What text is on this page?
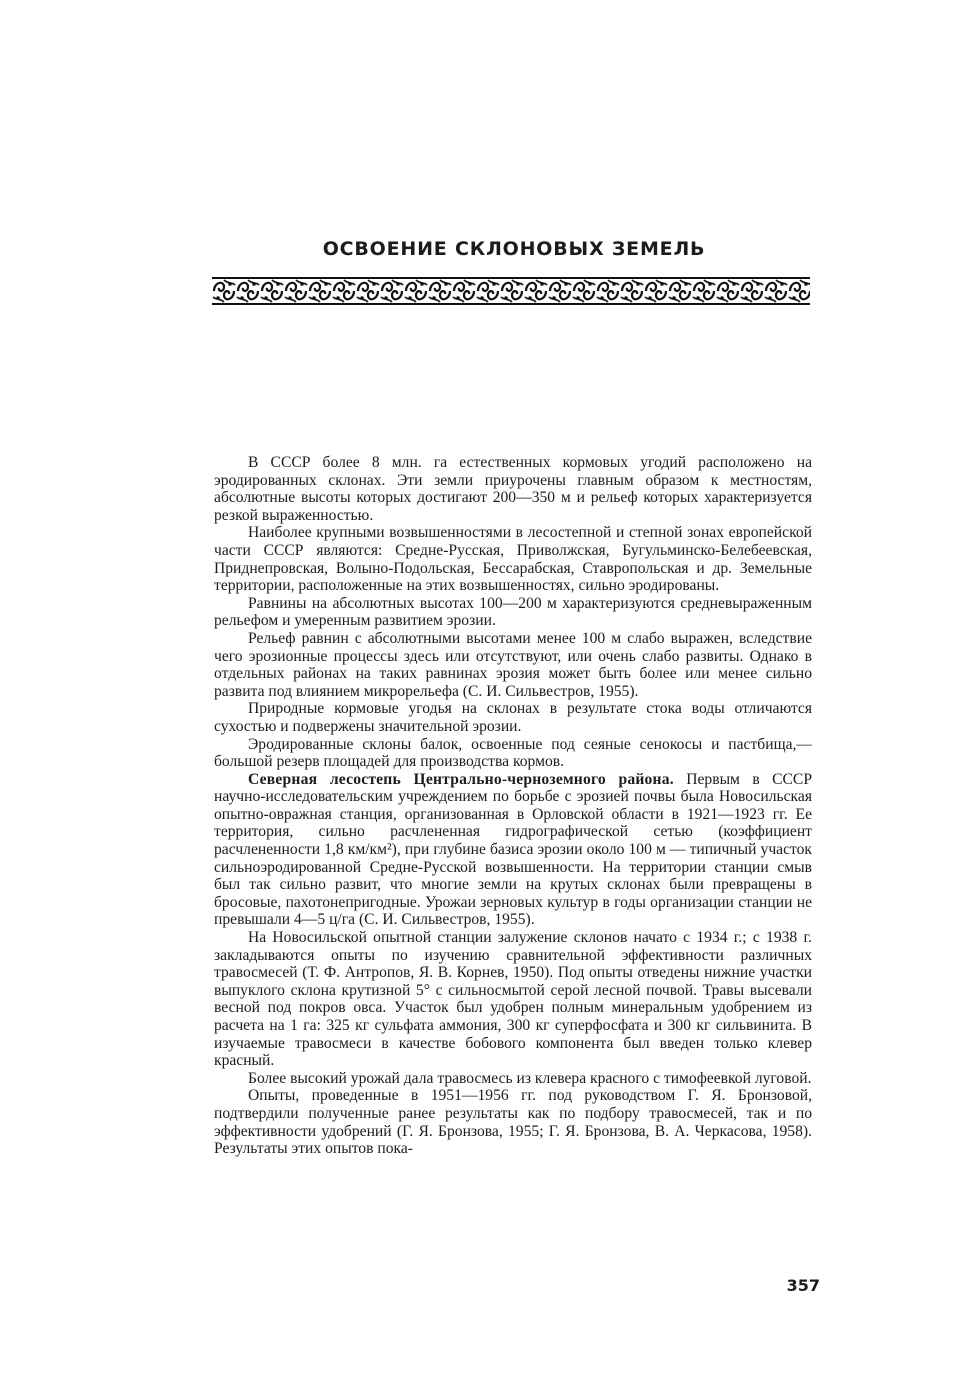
ОСВОЕНИЕ СКЛОНОВЫХ ЗЕМЕЛЬ

В СССР более 8 млн. га естественных кормовых угодий расположено на эродированных склонах. Эти земли приурочены главным образом к местностям, абсолютные высоты которых достигают 200—350 м и рельеф которых характеризуется резкой выраженностью.

Наиболее крупными возвышенностями в лесостепной и степной зонах европейской части СССР являются: Средне-Русская, Приволжская, Бугульминско-Белебеевская, Приднепровская, Волыно-Подольская, Бессарабская, Ставропольская и др. Земельные территории, расположенные на этих возвышенностях, сильно эродированы.

Равнины на абсолютных высотах 100—200 м характеризуются средневыраженным рельефом и умеренным развитием эрозии.

Рельеф равнин с абсолютными высотами менее 100 м слабо выражен, вследствие чего эрозионные процессы здесь или отсутствуют, или очень слабо развиты. Однако в отдельных районах на таких равнинах эрозия может быть более или менее сильно развита под влиянием микрорельефа (С. И. Сильвестров, 1955).

Природные кормовые угодья на склонах в результате стока воды отличаются сухостью и подвержены значительной эрозии.

Эродированные склоны балок, освоенные под сеяные сенокосы и пастбища,— большой резерв площадей для производства кормов.

Северная лесостепь Центрально-черноземного района. Первым в СССР научно-исследовательским учреждением по борьбе с эрозией почвы была Новосильская опытно-овражная станция, организованная в Орловской области в 1921—1923 гг. Ее территория, сильно расчлененная гидрографической сетью (коэффициент расчлененности 1,8 км/км²), при глубине базиса эрозии около 100 м — типичный участок сильноэродированной Средне-Русской возвышенности. На территории станции смыв был так сильно развит, что многие земли на крутых склонах были превращены в бросовые, пахотонепригодные. Урожаи зерновых культур в годы организации станции не превышали 4—5 ц/га (С. И. Сильвестров, 1955).

На Новосильской опытной станции залужение склонов начато с 1934 г.; с 1938 г. закладываются опыты по изучению сравнительной эффективности различных травосмесей (Т. Ф. Антропов, Я. В. Корнев, 1950). Под опыты отведены нижние участки выпуклого склона крутизной 5° с сильносмытой серой лесной почвой. Травы высевали весной под покров овса. Участок был удобрен полным минеральным удобрением из расчета на 1 га: 325 кг сульфата аммония, 300 кг суперфосфата и 300 кг сильвинита. В изучаемые травосмеси в качестве бобового компонента был введен только клевер красный.

Более высокий урожай дала травосмесь из клевера красного с тимофеевкой луговой.

Опыты, проведенные в 1951—1956 гг. под руководством Г. Я. Бронзовой, подтвердили полученные ранее результаты как по подбору травосмесей, так и по эффективности удобрений (Г. Я. Бронзова, 1955; Г. Я. Бронзова, В. А. Черкасова, 1958). Результаты этих опытов пока-

357
